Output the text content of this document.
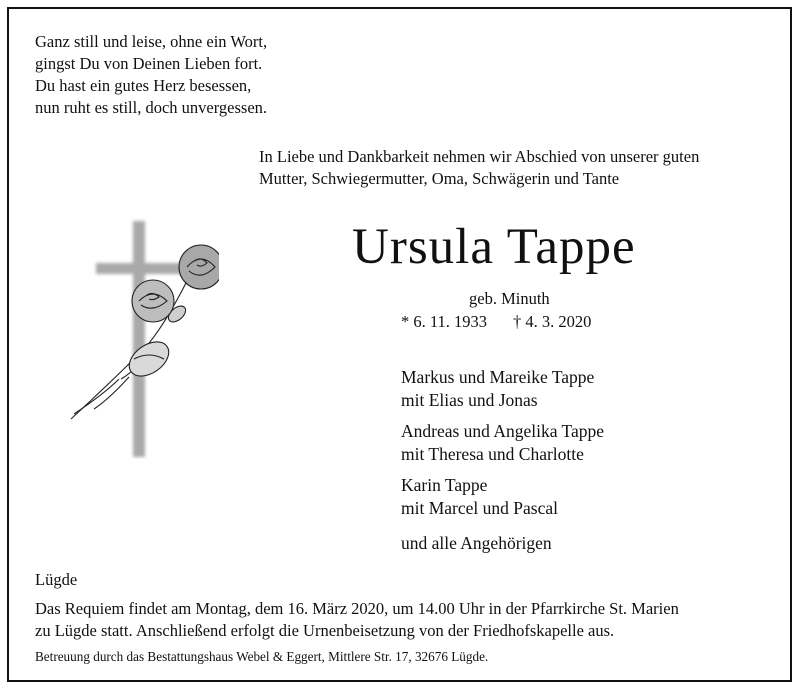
Ganz still und leise, ohne ein Wort,
gingst Du von Deinen Lieben fort.
Du hast ein gutes Herz besessen,
nun ruht es still, doch unvergessen.
In Liebe und Dankbarkeit nehmen wir Abschied von unserer guten
Mutter, Schwiegermutter, Oma, Schwägerin und Tante
Ursula Tappe
geb. Minuth
* 6. 11. 1933 † 4. 3. 2020
Markus und Mareike Tappe
mit Elias und Jonas
Andreas und Angelika Tappe
mit Theresa und Charlotte
Karin Tappe
mit Marcel und Pascal
und alle Angehörigen
Lügde
Das Requiem findet am Montag, dem 16. März 2020, um 14.00 Uhr in der Pfarrkirche St. Marien
zu Lügde statt. Anschließend erfolgt die Urnenbeisetzung von der Friedhofskapelle aus.
Betreuung durch das Bestattungshaus Webel & Eggert, Mittlere Str. 17, 32676 Lügde.
